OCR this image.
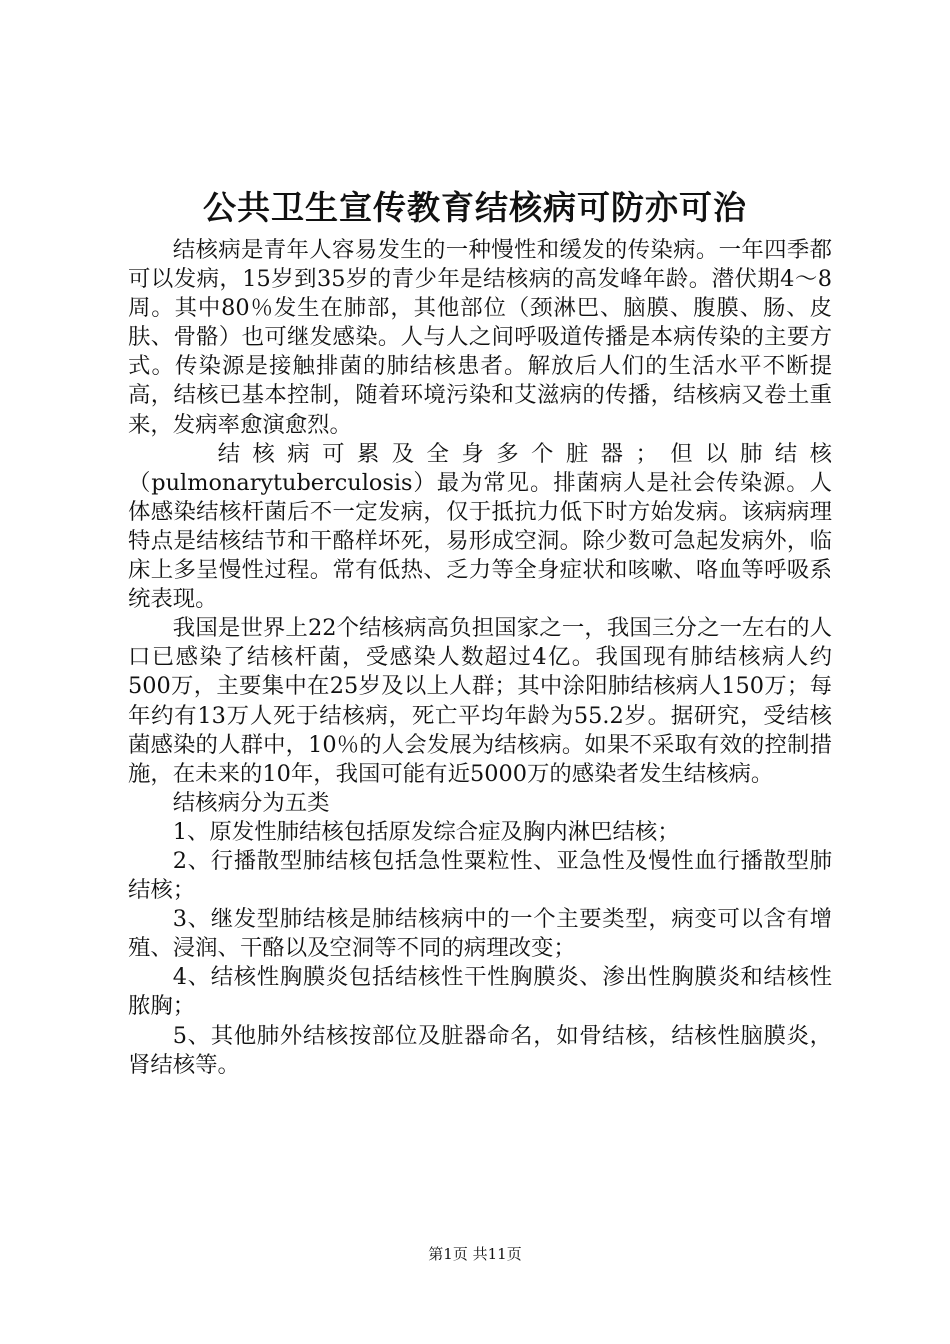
公共卫生宣传教育结核病可防亦可治

结核病是青年人容易发生的一种慢性和缓发的传染病。一年四季都可以发病，15岁到35岁的青少年是结核病的高发峰年龄。潜伏期4～8周。其中80％发生在肺部，其他部位（颈淋巴、脑膜、腹膜、肠、皮肤、骨骼）也可继发感染。人与人之间呼吸道传播是本病传染的主要方式。传染源是接触排菌的肺结核患者。解放后人们的生活水平不断提高，结核已基本控制，随着环境污染和艾滋病的传播，结核病又卷土重来，发病率愈演愈烈。

结核病可累及全身多个脏器；但以肺结核（pulmonarytuberculosis）最为常见。排菌病人是社会传染源。人体感染结核杆菌后不一定发病，仅于抵抗力低下时方始发病。该病病理特点是结核结节和干酪样坏死，易形成空洞。除少数可急起发病外，临床上多呈慢性过程。常有低热、乏力等全身症状和咳嗽、咯血等呼吸系统表现。

我国是世界上22个结核病高负担国家之一，我国三分之一左右的人口已感染了结核杆菌，受感染人数超过4亿。我国现有肺结核病人约500万，主要集中在25岁及以上人群；其中涂阳肺结核病人150万；每年约有13万人死于结核病，死亡平均年龄为55.2岁。据研究，受结核菌感染的人群中，10％的人会发展为结核病。如果不采取有效的控制措施，在未来的10年，我国可能有近5000万的感染者发生结核病。

结核病分为五类

1、原发性肺结核包括原发综合症及胸内淋巴结核；

2、行播散型肺结核包括急性粟粒性、亚急性及慢性血行播散型肺结核；

3、继发型肺结核是肺结核病中的一个主要类型，病变可以含有增殖、浸润、干酪以及空洞等不同的病理改变；

4、结核性胸膜炎包括结核性干性胸膜炎、渗出性胸膜炎和结核性脓胸；

5、其他肺外结核按部位及脏器命名，如骨结核，结核性脑膜炎，肾结核等。

第1页 共11页
